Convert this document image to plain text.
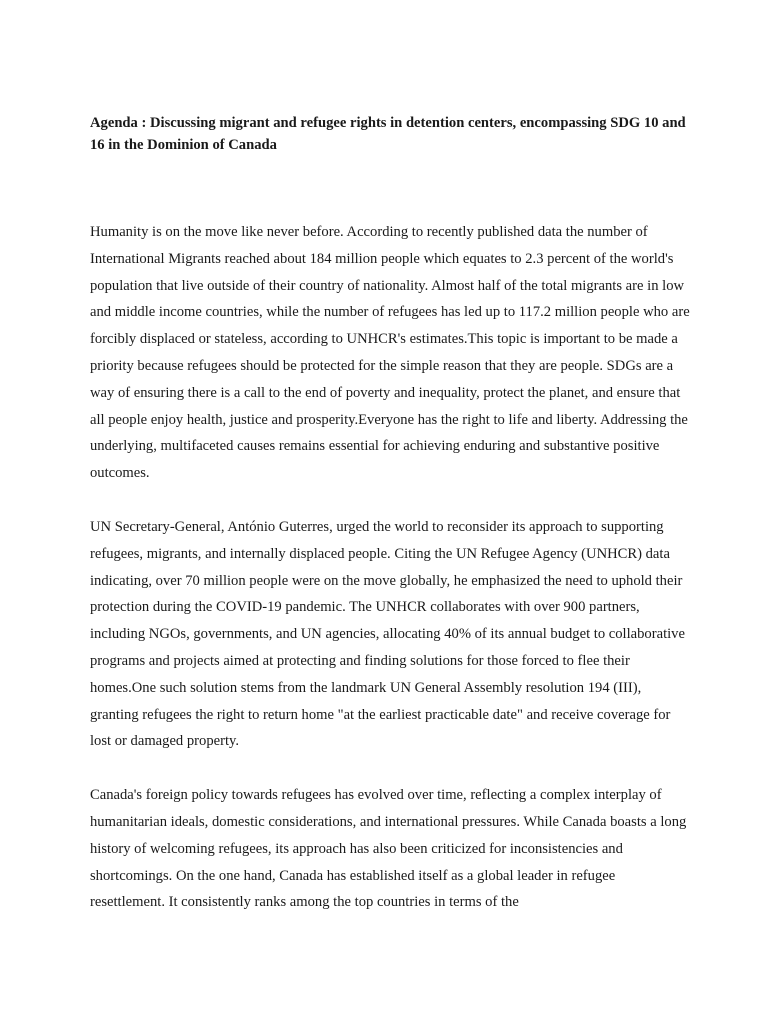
Agenda : Discussing migrant and refugee rights in detention centers, encompassing SDG 10 and 16 in the Dominion of Canada

Humanity is on the move like never before. According to recently published data the number of International Migrants reached about 184 million people which equates to 2.3 percent of the world's population that live outside of their country of nationality. Almost half of the total migrants are in low and middle income countries, while the number of refugees has led up to 117.2 million people who are forcibly displaced or stateless, according to UNHCR's estimates.This topic is important to be made a priority because refugees should be protected for the simple reason that they are people. SDGs are a way of ensuring there is a call to the end of poverty and inequality, protect the planet, and ensure that all people enjoy health, justice and prosperity.Everyone has the right to life and liberty. Addressing the underlying, multifaceted causes remains essential for achieving enduring and substantive positive outcomes.

UN Secretary-General, António Guterres, urged the world to reconsider its approach to supporting refugees, migrants, and internally displaced people. Citing the UN Refugee Agency (UNHCR) data indicating, over 70 million people were on the move globally, he emphasized the need to uphold their protection during the COVID-19 pandemic. The UNHCR collaborates with over 900 partners, including NGOs, governments, and UN agencies, allocating 40% of its annual budget to collaborative programs and projects aimed at protecting and finding solutions for those forced to flee their homes.One such solution stems from the landmark UN General Assembly resolution 194 (III), granting refugees the right to return home "at the earliest practicable date" and receive coverage for lost or damaged property.

Canada's foreign policy towards refugees has evolved over time, reflecting a complex interplay of humanitarian ideals, domestic considerations, and international pressures. While Canada boasts a long history of welcoming refugees, its approach has also been criticized for inconsistencies and shortcomings. On the one hand, Canada has established itself as a global leader in refugee resettlement. It consistently ranks among the top countries in terms of the
